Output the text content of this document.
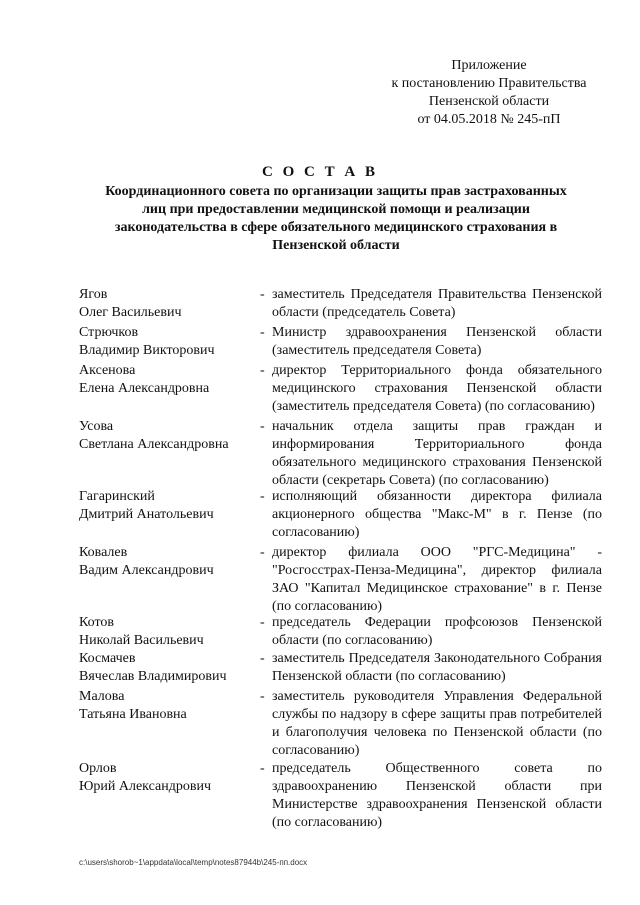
Приложение
к постановлению Правительства
Пензенской области
от 04.05.2018 № 245-пП
С О С Т А В
Координационного совета по организации защиты прав застрахованных лиц при предоставлении медицинской помощи и реализации законодательства в сфере обязательного медицинского страхования в Пензенской области
Ягов
Олег Васильевич
- заместитель Председателя Правительства Пензенской области (председатель Совета)
Стрючков
Владимир Викторович
- Министр здравоохранения Пензенской области (заместитель председателя Совета)
Аксенова
Елена Александровна
- директор Территориального фонда обязательного медицинского страхования Пензенской области (заместитель председателя Совета) (по согласованию)
Усова
Светлана Александровна
- начальник отдела защиты прав граждан и информирования Территориального фонда обязательного медицинского страхования Пензенской области (секретарь Совета) (по согласованию)
Гагаринский
Дмитрий Анатольевич
- исполняющий обязанности директора филиала акционерного общества "Макс-М" в г. Пензе (по согласованию)
Ковалев
Вадим Александрович
- директор филиала ООО "РГС-Медицина" - "Росгосстрах-Пенза-Медицина", директор филиала ЗАО "Капитал Медицинское страхование" в г. Пензе (по согласованию)
Котов
Николай Васильевич
- председатель Федерации профсоюзов Пензенской области (по согласованию)
Космачев
Вячеслав Владимирович
- заместитель Председателя Законодательного Собрания Пензенской области (по согласованию)
Малова
Татьяна Ивановна
- заместитель руководителя Управления Федеральной службы по надзору в сфере защиты прав потребителей и благополучия человека по Пензенской области (по согласованию)
Орлов
Юрий Александрович
- председатель Общественного совета по здравоохранению Пензенской области при Министерстве здравоохранения Пензенской области (по согласованию)
c:\users\shorob~1\appdata\local\temp\notes87944b\245-пп.docx
